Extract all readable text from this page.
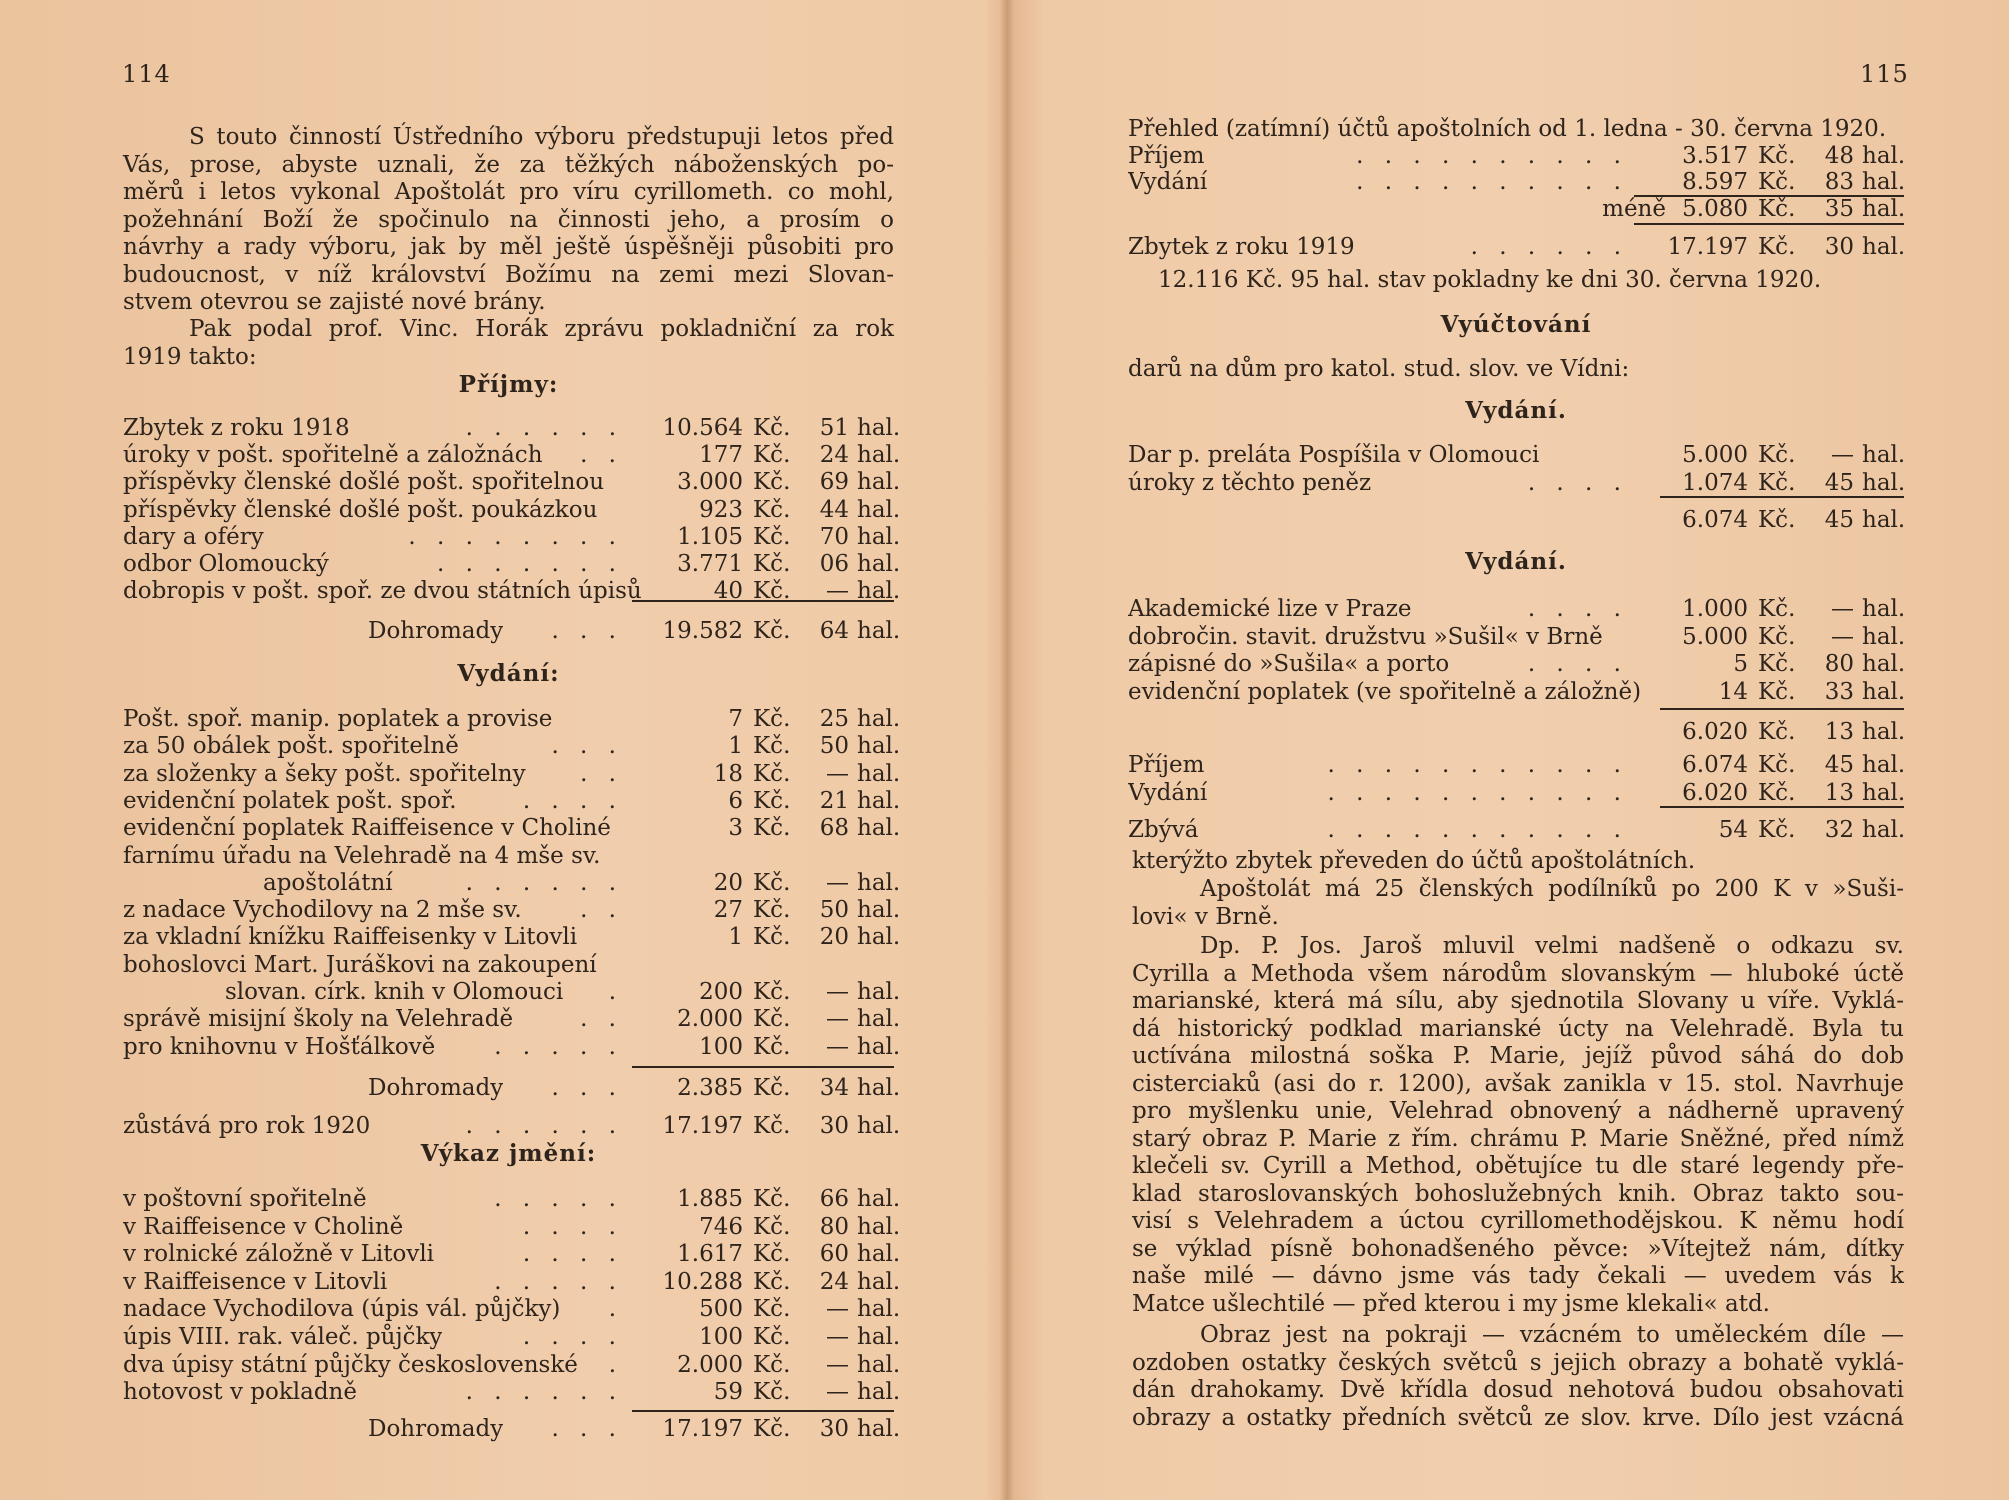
114
S touto činností Ústředního výboru předstupuji letos před
Vás, prose, abyste uznali, že za těžkých náboženských po-
měrů i letos vykonal Apoštolát pro víru cyrillometh. co mohl,
požehnání Boží že spočinulo na činnosti jeho, a prosím o
návrhy a rady výboru, jak by měl ještě úspěšněji působiti pro
budoucnost, v níž království Božímu na zemi mezi Slovan-
stvem otevrou se zajisté nové brány.
Pak podal prof. Vinc. Horák zprávu pokladniční za rok
1919 takto:
Příjmy:
Zbytek z roku 1918	. . . . . . 10.564 Kč. 51 hal.
úroky v pošt. spořitelně a záložnách . .	177 Kč. 24 hal.
příspěvky členské došlé pošt. spořitelnou	3.000 Kč. 69 hal.
příspěvky členské došlé pošt. poukázkou	923 Kč. 44 hal.
dary a oféry	. . . . . . . . 1.105 Kč. 70 hal.
odbor Olomoucký	. . . . . . . 3.771 Kč. 06 hal.
dobropis v pošt. spoř. ze dvou státních úpisů	40 Kč. — hal.
Dohromady . . . 19.582 Kč. 64 hal.
Vydání:
Pošt. spoř. manip. poplatek a provise	7 Kč. 25 hal.
za 50 obálek pošt. spořitelně	. . .	1 Kč. 50 hal.
za složenky a šeky pošt. spořitelny . .	18 Kč. — hal.
evidenční polatek pošt. spoř.	. . . .	6 Kč. 21 hal.
evidenční poplatek Raiffeisence v Choliné	3 Kč. 68 hal.
farnímu úřadu na Velehradě na 4 mše sv.
apoštolátní	. . . . . .	20 Kč. — hal.
z nadace Vychodilovy na 2 mše sv.	. .	27 Kč. 50 hal.
za vkladní knížku Raiffeisenky v Litovli	1 Kč. 20 hal.
bohoslovci Mart. Juráškovi na zakoupení
slovan. círk. knih v Olomouci .	200 Kč. — hal.
správě misijní školy na Velehradě	. . 2.000 Kč. — hal.
pro knihovnu v Hošťálkově	. . . . .	100 Kč. — hal.
Dohromady . . . 2.385 Kč. 34 hal.
zůstává pro rok 1920	. . . . . . 17.197 Kč. 30 hal.
Výkaz jmění:
v poštovní spořitelně	. . . . . 1.885 Kč. 66 hal.
v Raiffeisence v Cholině	. . . .	746 Kč. 80 hal.
v rolnické záložně v Litovli	. . . . 1.617 Kč. 60 hal.
v Raiffeisence v Litovli	. . . . . 10.288 Kč. 24 hal.
nadace Vychodilova (úpis vál. půjčky) .	500 Kč. — hal.
úpis VIII. rak. váleč. půjčky	. . . .	100 Kč. — hal.
dva úpisy státní půjčky československé . 2.000 Kč. — hal.
hotovost v pokladně	. . . . . .	59 Kč. — hal.
Dohromady . . . 17.197 Kč. 30 hal.
115
Přehled (zatímní) účtů apoštolních od 1. ledna - 30. června 1920.
Příjem	. . . . . . . . . . 3.517 Kč. 48 hal.
Vydání	. . . . . . . . . . 8.597 Kč. 83 hal.
méně 5.080 Kč. 35 hal.
Zbytek z roku 1919	. . . . . . 17.197 Kč. 30 hal.
12.116 Kč. 95 hal. stav pokladny ke dni 30. června 1920.
Vyúčtování
darů na dům pro katol. stud. slov. ve Vídni:
Vydání.
Dar p. preláta Pospíšila v Olomouci	5.000 Kč. — hal.
úroky z těchto peněz	. . . . 1.074 Kč. 45 hal.
6.074 Kč. 45 hal.
Vydání.
Akademické lize v Praze	. . . . 1.000 Kč. — hal.
dobročin. stavit. družstvu »Sušil« v Brně	5.000 Kč. — hal.
zápisné do »Sušila« a porto	. . . .	5 Kč. 80 hal.
evidenční poplatek (ve spořitelně a záložně)	14 Kč. 33 hal.
6.020 Kč. 13 hal.
Příjem	. . . . . . . . . . . 6.074 Kč. 45 hal.
Vydání	. . . . . . . . . . . 6.020 Kč. 13 hal.
Zbývá	. . . . . . . . . . .	54 Kč. 32 hal.
kterýžto zbytek převeden do účtů apoštolátních.
Apoštolát má 25 členských podílníků po 200 K v »Suši-
lovi« v Brně.
Dp. P. Jos. Jaroš mluvil velmi nadšeně o odkazu sv.
Cyrilla a Methoda všem národům slovanským — hluboké úctě
marianské, která má sílu, aby sjednotila Slovany u víře. Vyklá-
dá historický podklad marianské úcty na Velehradě. Byla tu
uctívána milostná soška P. Marie, jejíž původ sáhá do dob
cisterciaků (asi do r. 1200), avšak zanikla v 15. stol. Navrhuje
pro myšlenku unie, Velehrad obnovený a nádherně upravený
starý obraz P. Marie z řím. chrámu P. Marie Sněžné, před nímž
klečeli sv. Cyrill a Method, obětujíce tu dle staré legendy pře-
klad staroslovanských bohoslužebných knih. Obraz takto sou-
visí s Velehradem a úctou cyrillomethodějskou. K němu hodí
se výklad písně bohonadšeného pěvce: »Vítejtež nám, dítky
naše milé — dávno jsme vás tady čekali — uvedem vás k
Matce ušlechtilé — před kterou i my jsme klekali« atd.
Obraz jest na pokraji — vzácném to uměleckém díle —
ozdoben ostatky českých světců s jejich obrazy a bohatě vyklá-
dán drahokamy. Dvě křídla dosud nehotová budou obsahovati
obrazy a ostatky předních světců ze slov. krve. Dílo jest vzácná
